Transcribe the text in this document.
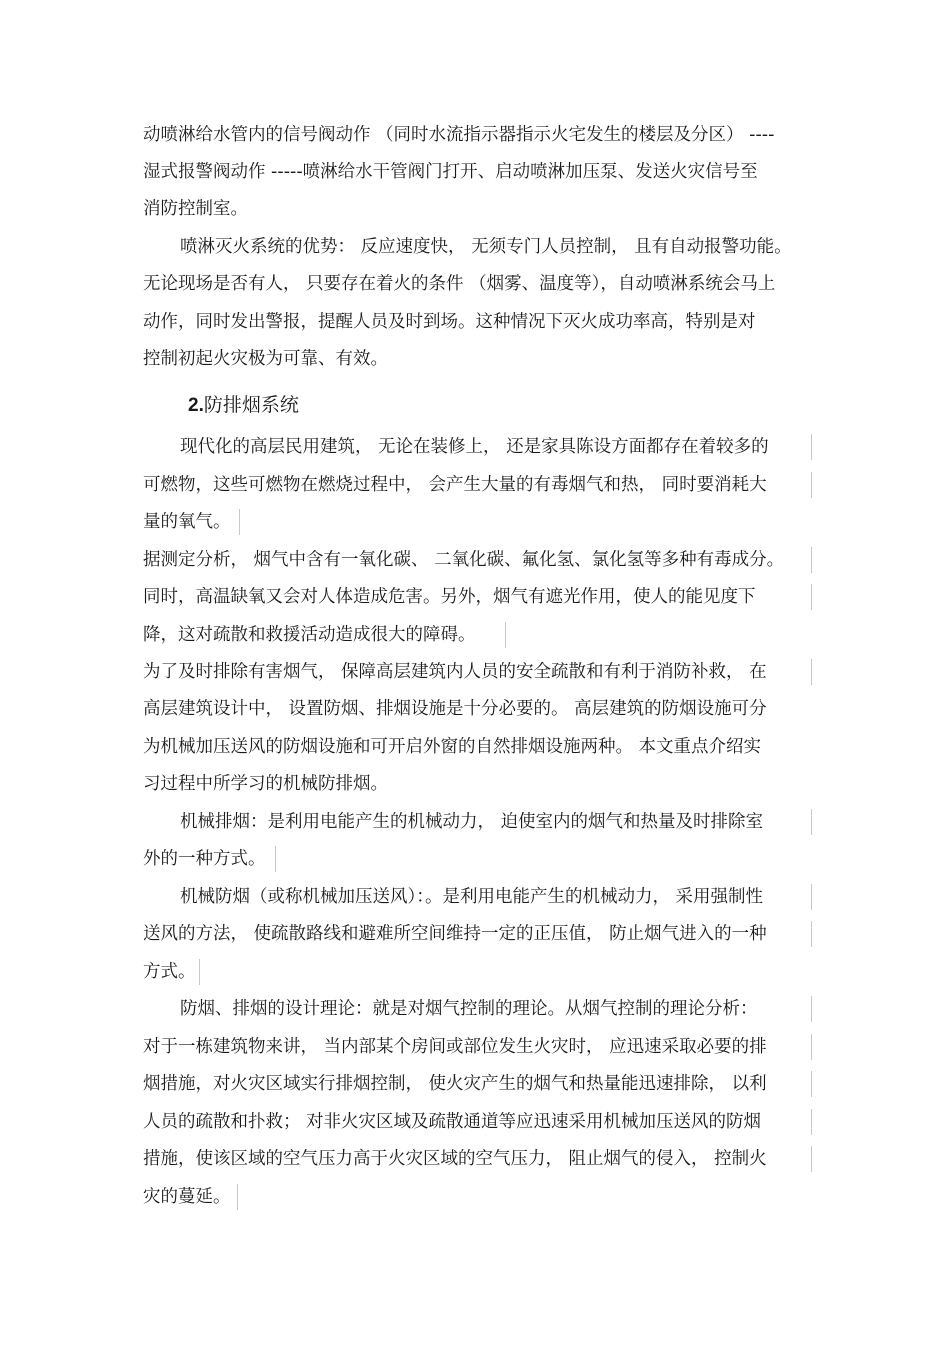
动喷淋给水管内的信号阀动作 （同时水流指示器指示火宅发生的楼层及分区） ----
湿式报警阀动作 -----喷淋给水干管阀门打开、启动喷淋加压泵、发送火灾信号至
消防控制室。
喷淋灭火系统的优势： 反应速度快， 无须专门人员控制， 且有自动报警功能。
无论现场是否有人， 只要存在着火的条件 （烟雾、温度等），自动喷淋系统会马上
动作，同时发出警报，提醒人员及时到场。这种情况下灭火成功率高，特别是对
控制初起火灾极为可靠、有效。
2.防排烟系统
现代化的高层民用建筑， 无论在装修上， 还是家具陈设方面都存在着较多的
可燃物，这些可燃物在燃烧过程中， 会产生大量的有毒烟气和热， 同时要消耗大
量的氧气。
据测定分析， 烟气中含有一氧化碳、 二氧化碳、氟化氢、氯化氢等多种有毒成分。
同时，高温缺氧又会对人体造成危害。另外，烟气有遮光作用，使人的能见度下
降，这对疏散和救援活动造成很大的障碍。
为了及时排除有害烟气， 保障高层建筑内人员的安全疏散和有利于消防补救， 在
高层建筑设计中， 设置防烟、排烟设施是十分必要的。 高层建筑的防烟设施可分
为机械加压送风的防烟设施和可开启外窗的自然排烟设施两种。 本文重点介绍实
习过程中所学习的机械防排烟。
机械排烟：是利用电能产生的机械动力， 迫使室内的烟气和热量及时排除室
外的一种方式。
机械防烟（或称机械加压送风）：。是利用电能产生的机械动力， 采用强制性
送风的方法， 使疏散路线和避难所空间维持一定的正压值， 防止烟气进入的一种
方式。
防烟、排烟的设计理论：就是对烟气控制的理论。从烟气控制的理论分析：
对于一栋建筑物来讲， 当内部某个房间或部位发生火灾时， 应迅速采取必要的排
烟措施，对火灾区域实行排烟控制， 使火灾产生的烟气和热量能迅速排除， 以利
人员的疏散和扑救； 对非火灾区域及疏散通道等应迅速采用机械加压送风的防烟
措施，使该区域的空气压力高于火灾区域的空气压力， 阻止烟气的侵入， 控制火
灾的蔓延。
